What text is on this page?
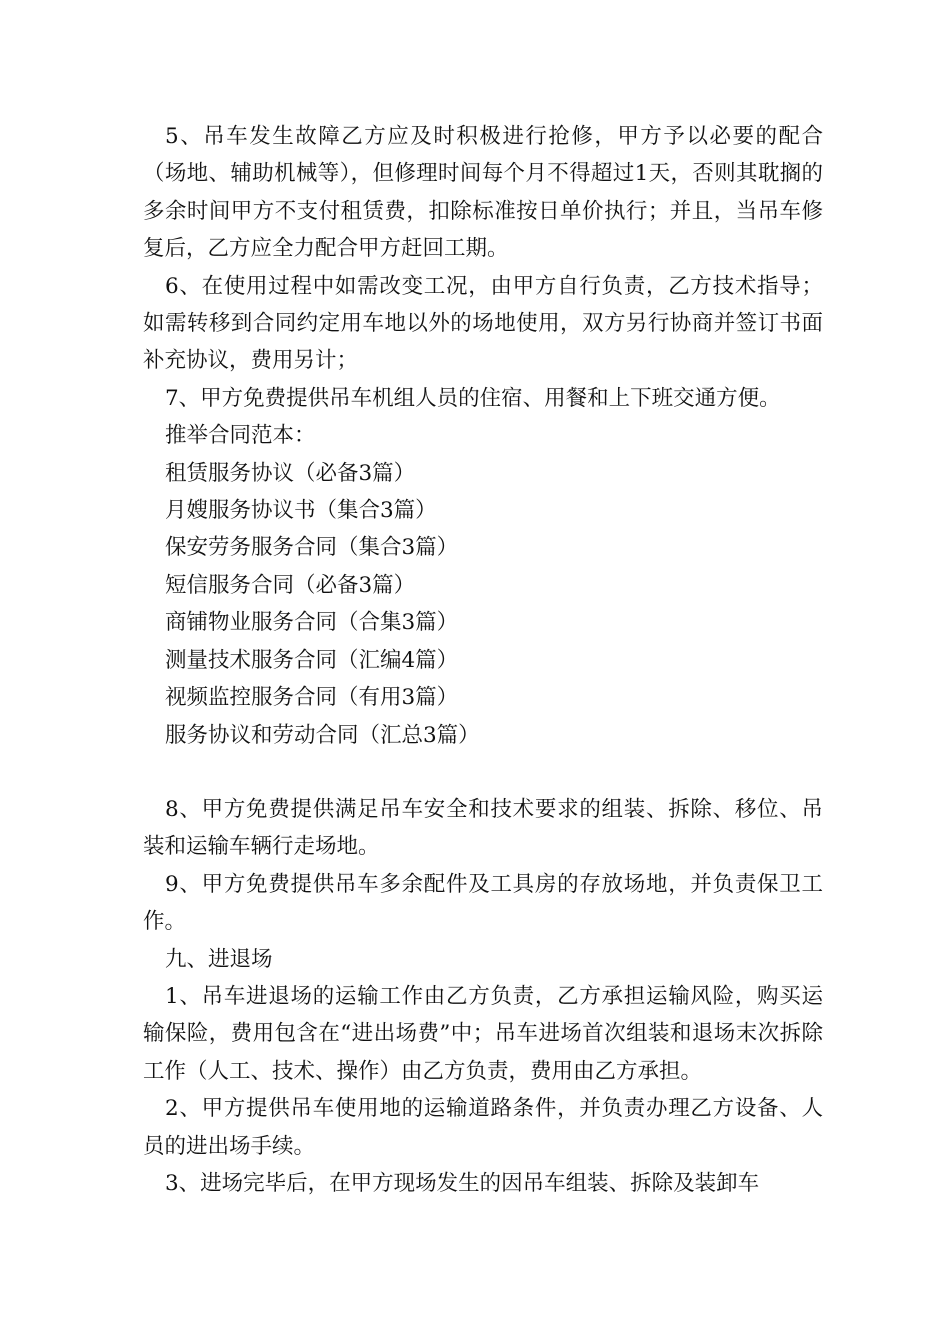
5、吊车发生故障乙方应及时积极进行抢修，甲方予以必要的配合（场地、辅助机械等），但修理时间每个月不得超过1天，否则其耽搁的多余时间甲方不支付租赁费，扣除标准按日单价执行；并且，当吊车修复后，乙方应全力配合甲方赶回工期。

6、在使用过程中如需改变工况，由甲方自行负责，乙方技术指导；如需转移到合同约定用车地以外的场地使用，双方另行协商并签订书面补充协议，费用另计；

7、甲方免费提供吊车机组人员的住宿、用餐和上下班交通方便。

推举合同范本：

租赁服务协议（必备3篇）

月嫂服务协议书（集合3篇）

保安劳务服务合同（集合3篇）

短信服务合同（必备3篇）

商铺物业服务合同（合集3篇）

测量技术服务合同（汇编4篇）

视频监控服务合同（有用3篇）

服务协议和劳动合同（汇总3篇）

8、甲方免费提供满足吊车安全和技术要求的组装、拆除、移位、吊装和运输车辆行走场地。

9、甲方免费提供吊车多余配件及工具房的存放场地，并负责保卫工作。

九、进退场

1、吊车进退场的运输工作由乙方负责，乙方承担运输风险，购买运输保险，费用包含在“进出场费”中；吊车进场首次组装和退场末次拆除工作（人工、技术、操作）由乙方负责，费用由乙方承担。

2、甲方提供吊车使用地的运输道路条件，并负责办理乙方设备、人员的进出场手续。

3、进场完毕后，在甲方现场发生的因吊车组装、拆除及装卸车
